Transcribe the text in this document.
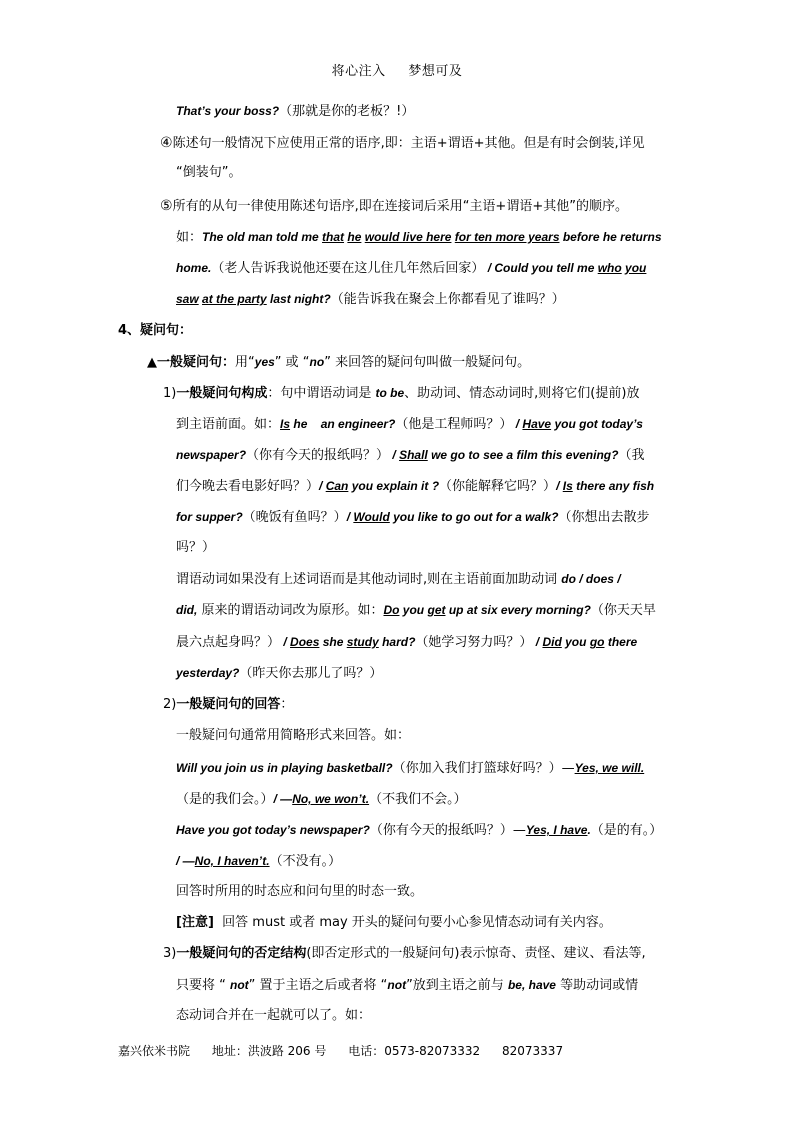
将心注入 梦想可及
That’s your boss?（那就是你的老板？!）
④陈述句一般情况下应使用正常的语序,即：主语+谓语+其他。但是有时会倒装,详见
“倒装句”。
⑤所有的从句一律使用陈述句语序,即在连接词后采用“主语+谓语+其他”的顺序。
如：The old man told me that he would live here for ten more years before he returns
home.（老人告诉我说他还要在这儿住几年然后回家） / Could you tell me who you
saw at the party last night?（能告诉我在聚会上你都看见了谁吗？）
4、疑问句：
▲一般疑问句：用“yes” 或 “no” 来回答的疑问句叫做一般疑问句。
1)一般疑问句构成：句中谓语动词是 to be、助动词、情态动词时,则将它们(提前)放
到主语前面。如：Is he    an engineer?（他是工程师吗？） / Have you got today’s
newspaper?（你有今天的报纸吗？） / Shall we go to see a film this evening?（我
们今晚去看电影好吗？）/ Can you explain it ?（你能解释它吗？）/ Is there any fish
for supper?（晚饭有鱼吗？）/ Would you like to go out for a walk?（你想出去散步
吗？）
谓语动词如果没有上述词语而是其他动词时,则在主语前面加助动词 do / does /
did, 原来的谓语动词改为原形。如：Do you get up at six every morning?（你天天早
晨六点起身吗？） / Does she study hard?（她学习努力吗？） / Did you go there
yesterday?（昨天你去那儿了吗？）
2)一般疑问句的回答：
一般疑问句通常用简略形式来回答。如：
Will you join us in playing basketball?（你加入我们打篮球好吗？）—Yes, we will.
（是的我们会。）/ —No, we won’t.（不我们不会。）
Have you got today’s newspaper?（你有今天的报纸吗？）—Yes, I have.（是的有。）
/ —No, I haven’t.（不没有。）
回答时所用的时态应和问句里的时态一致。
[注意]  回答 must 或者 may 开头的疑问句要小心参见情态动词有关内容。
3)一般疑问句的否定结构(即否定形式的一般疑问句)表示惊奇、责怪、建议、看法等,
只要将 “ not” 置于主语之后或者将 “not”放到主语之前与 be, have 等助动词或情
态动词合并在一起就可以了。如：
嘉兴依米书院 地址：洪波路 206 号 电话：0573-82073332 82073337
